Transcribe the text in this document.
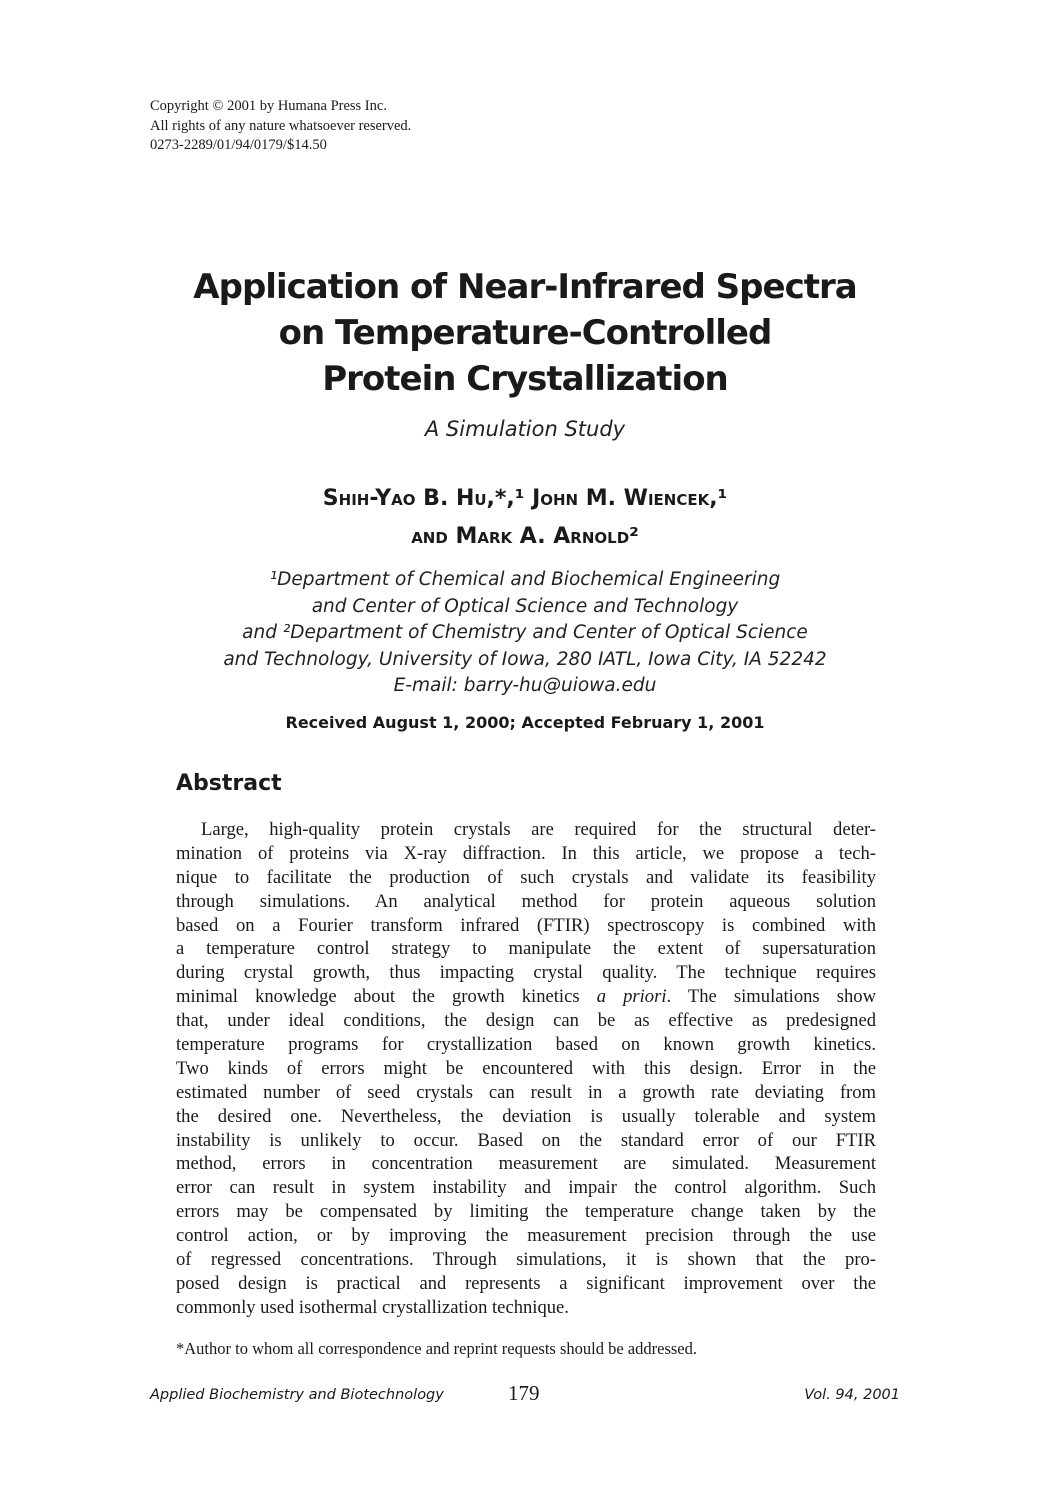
Copyright © 2001 by Humana Press Inc.
All rights of any nature whatsoever reserved.
0273-2289/01/94/0179/$14.50
Application of Near-Infrared Spectra
on Temperature-Controlled
Protein Crystallization
A Simulation Study
Shih-Yao B. Hu,*,¹ John M. Wiencek,¹
and Mark A. Arnold²
¹Department of Chemical and Biochemical Engineering
and Center of Optical Science and Technology
and ²Department of Chemistry and Center of Optical Science
and Technology, University of Iowa, 280 IATL, Iowa City, IA 52242
E-mail: barry-hu@uiowa.edu
Received August 1, 2000; Accepted February 1, 2001
Abstract
Large, high-quality protein crystals are required for the structural deter-
mination of proteins via X-ray diffraction. In this article, we propose a tech-
nique to facilitate the production of such crystals and validate its feasibility
through simulations. An analytical method for protein aqueous solution
based on a Fourier transform infrared (FTIR) spectroscopy is combined with
a temperature control strategy to manipulate the extent of supersaturation
during crystal growth, thus impacting crystal quality. The technique requires
minimal knowledge about the growth kinetics a priori. The simulations show
that, under ideal conditions, the design can be as effective as predesigned
temperature programs for crystallization based on known growth kinetics.
Two kinds of errors might be encountered with this design. Error in the
estimated number of seed crystals can result in a growth rate deviating from
the desired one. Nevertheless, the deviation is usually tolerable and system
instability is unlikely to occur. Based on the standard error of our FTIR
method, errors in concentration measurement are simulated. Measurement
error can result in system instability and impair the control algorithm. Such
errors may be compensated by limiting the temperature change taken by the
control action, or by improving the measurement precision through the use
of regressed concentrations. Through simulations, it is shown that the pro-
posed design is practical and represents a significant improvement over the
commonly used isothermal crystallization technique.
*Author to whom all correspondence and reprint requests should be addressed.
Applied Biochemistry and Biotechnology	179	Vol. 94, 2001
